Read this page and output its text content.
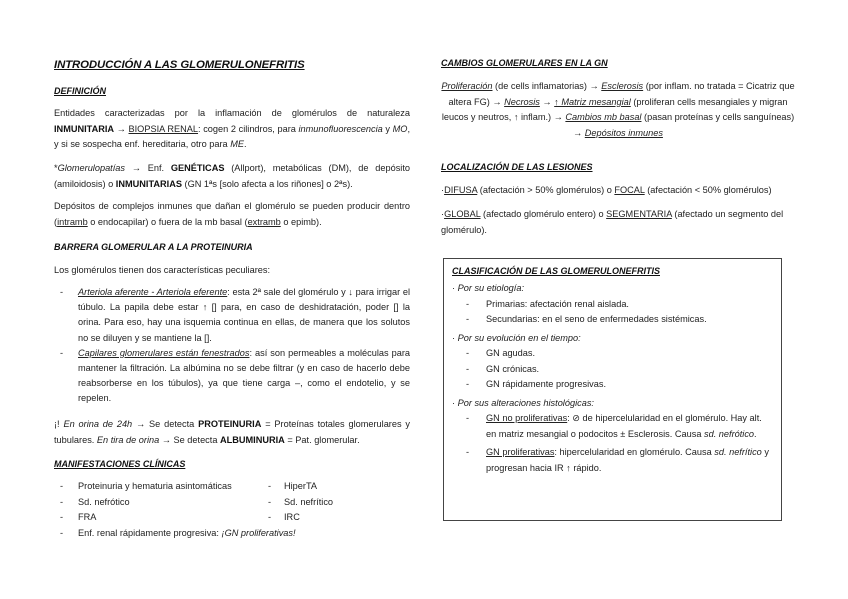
INTRODUCCIÓN A LAS GLOMERULONEFRITIS
DEFINICIÓN

Entidades caracterizadas por la inflamación de glomérulos de naturaleza INMUNITARIA → BIOPSIA RENAL: cogen 2 cilindros, para inmunofluorescencia y MO, y si se sospecha enf. hereditaria, otro para ME.

*Glomerulopatías → Enf. GENÉTICAS (Allport), metabólicas (DM), de depósito (amiloidosis) o INMUNITARIAS (GN 1ªs [solo afecta a los riñones] o 2ªs).

Depósitos de complejos inmunes que dañan el glomérulo se pueden producir dentro (intramb o endocapilar) o fuera de la mb basal (extramb o epimb).

BARRERA GLOMERULAR A LA PROTEINURIA

Los glomérulos tienen dos características peculiares:

- Arteriola aferente - Arteriola eferente: esta 2ª sale del glomérulo y ↓ para irrigar el túbulo. La papila debe estar ↑ [] para, en caso de deshidratación, poder [] la orina. Para eso, hay una isquemia continua en ellas, de manera que los solutos no se diluyen y se mantiene la [].
- Capilares glomerulares están fenestrados: así son permeables a moléculas para mantener la filtración. La albúmina no se debe filtrar (y en caso de hacerlo debe reabsorberse en los túbulos), ya que tiene carga –, como el endotelio, y se repelen.

¡! En orina de 24h → Se detecta PROTEINURIA = Proteínas totales glomerulares y tubulares. En tira de orina → Se detecta ALBUMINURIA = Pat. glomerular.

MANIFESTACIONES CLÍNICAS
- Proteinuria y hematuria asintomáticas	- HiperTA
- Sd. nefrótico	- Sd. nefrítico
- FRA	- IRC
- Enf. renal rápidamente progresiva: ¡GN proliferativas!
CAMBIOS GLOMERULARES EN LA GN

Proliferación (de cells inflamatorias) → Esclerosis (por inflam. no tratada = Cicatriz que altera FG) → Necrosis → ↑ Matriz mesangial (proliferan cells mesangiales y migran leucos y neutros, ↑ inflam.) → Cambios mb basal (pasan proteínas y cells sanguíneas) → Depósitos inmunes

LOCALIZACIÓN DE LAS LESIONES

·DIFUSA (afectación > 50% glomérulos) o FOCAL (afectación < 50% glomérulos)

·GLOBAL (afectado glomérulo entero) o SEGMENTARIA (afectado un segmento del glomérulo).

CLASIFICACIÓN DE LAS GLOMERULONEFRITIS
· Por su etiología:
- Primarias: afectación renal aislada.
- Secundarias: en el seno de enfermedades sistémicas.
· Por su evolución en el tiempo:
- GN agudas.
- GN crónicas.
- GN rápidamente progresivas.
· Por sus alteraciones histológicas:
- GN no proliferativas: ⊘ de hipercelularidad en el glomérulo. Hay alt. en matriz mesangial o podocitos ± Esclerosis. Causa sd. nefrótico.
- GN proliferativas: hipercelularidad en glomérulo. Causa sd. nefrítico y progresan hacia IR ↑ rápido.
